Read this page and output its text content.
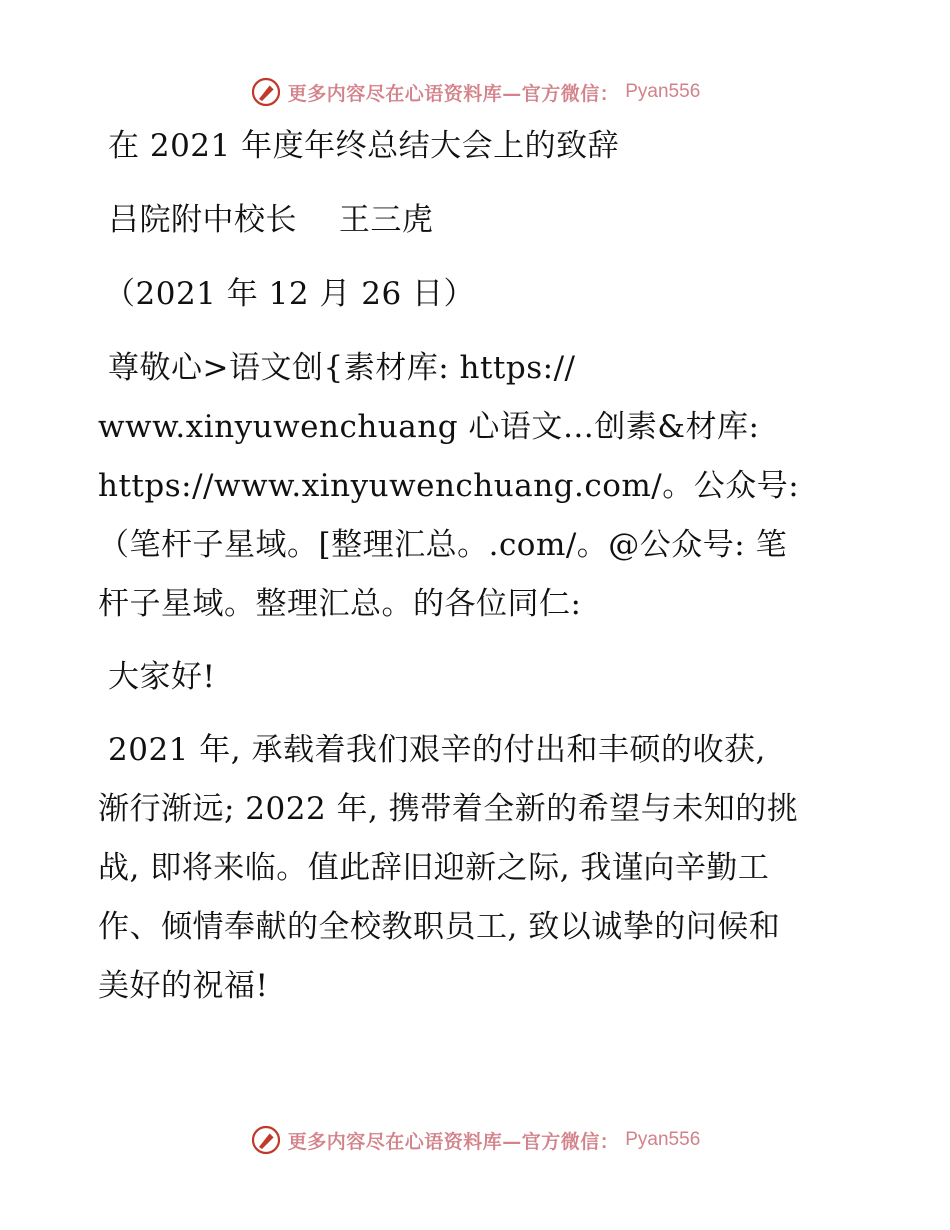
更多内容尽在心语资料库—官方微信： Pyan556
在 2021 年度年终总结大会上的致辞
吕院附中校长　 王三虎
（2021 年 12 月 26 日）
尊敬心>语文创{素材库: https://
www.xinyuwenchuang 心语文…创素&材库:
https://www.xinyuwenchuang.com/。公众号:
（笔杆子星域。[整理汇总。.com/。@公众号: 笔
杆子星域。整理汇总。的各位同仁:
大家好!
2021 年, 承载着我们艰辛的付出和丰硕的收获,
渐行渐远; 2022 年, 携带着全新的希望与未知的挑
战, 即将来临。值此辞旧迎新之际, 我谨向辛勤工
作、倾情奉献的全校教职员工, 致以诚挚的问候和
美好的祝福!
更多内容尽在心语资料库—官方微信： Pyan556
